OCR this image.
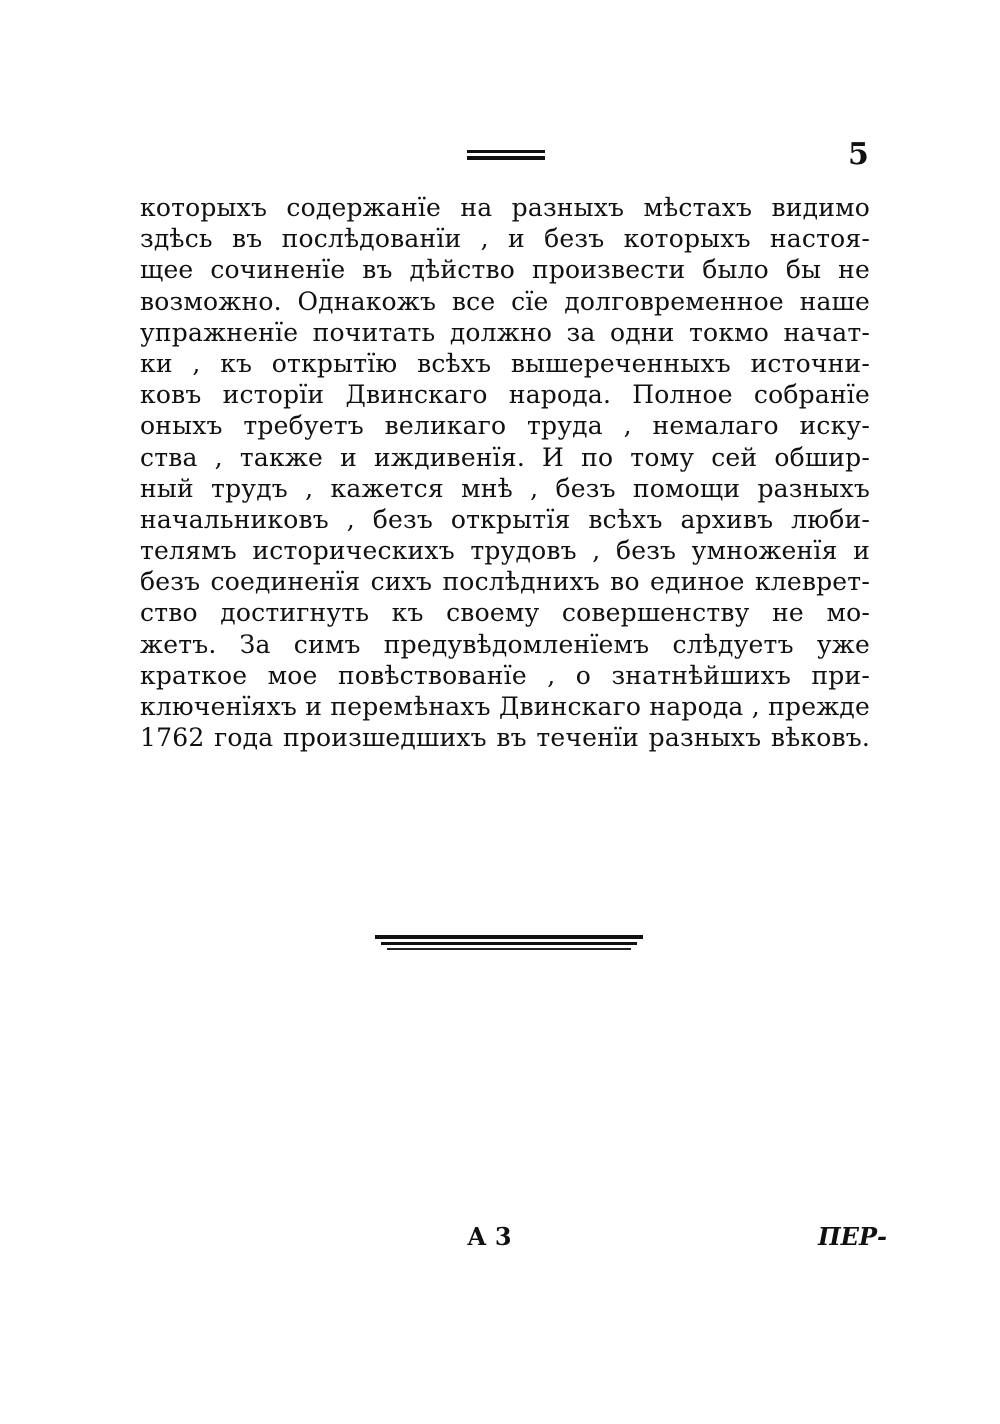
5
которыхъ содержанїе на разныхъ мѣстахъ видимо
здѣсь въ послѣдованїи , и безъ которыхъ настоя-
щее сочиненїе въ дѣйство произвести было бы не
возможно. Однакожъ все сїе долговременное наше
упражненїе почитать должно за одни токмо начат-
ки , къ открытїю всѣхъ вышереченныхъ источни-
ковъ исторїи Двинскаго народа. Полное собранїе
оныхъ требуетъ великаго труда , немалаго иску-
ства , также и иждивенїя. И по тому сей обшир-
ный трудъ , кажется мнѣ , безъ помощи разныхъ
начальниковъ , безъ открытїя всѣхъ архивъ люби-
телямъ историческихъ трудовъ , безъ умноженїя и
безъ соединенїя сихъ послѣднихъ во единое клеврет-
ство достигнуть къ своему совершенству не мо-
жетъ. За симъ предувѣдомленїемъ слѣдуетъ уже
краткое мое повѣствованїе , о знатнѣйшихъ при-
ключенїяхъ и перемѣнахъ Двинскаго народа , прежде
1762 года произшедшихъ въ теченїи разныхъ вѣковъ.
А 3	ПЕР-
